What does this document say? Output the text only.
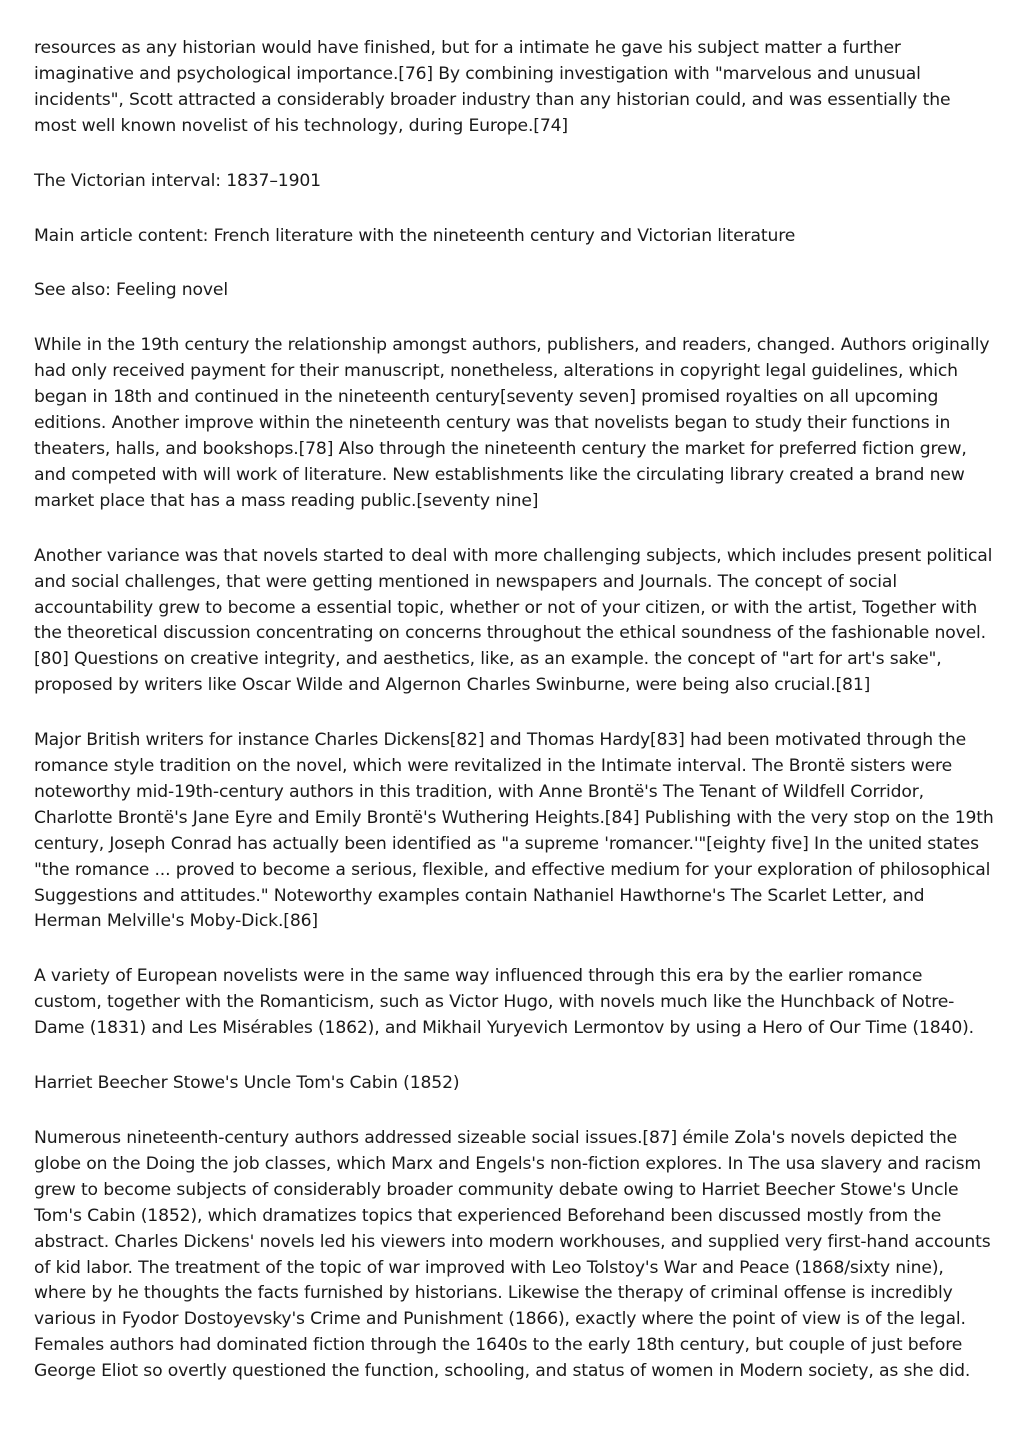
resources as any historian would have finished, but for a intimate he gave his subject matter a further imaginative and psychological importance.[76] By combining investigation with "marvelous and unusual incidents", Scott attracted a considerably broader industry than any historian could, and was essentially the most well known novelist of his technology, during Europe.[74]

The Victorian interval: 1837–1901

Main article content: French literature with the nineteenth century and Victorian literature

See also: Feeling novel

While in the 19th century the relationship amongst authors, publishers, and readers, changed. Authors originally had only received payment for their manuscript, nonetheless, alterations in copyright legal guidelines, which began in 18th and continued in the nineteenth century[seventy seven] promised royalties on all upcoming editions. Another improve within the nineteenth century was that novelists began to study their functions in theaters, halls, and bookshops.[78] Also through the nineteenth century the market for preferred fiction grew, and competed with will work of literature. New establishments like the circulating library created a brand new market place that has a mass reading public.[seventy nine]

Another variance was that novels started to deal with more challenging subjects, which includes present political and social challenges, that were getting mentioned in newspapers and Journals. The concept of social accountability grew to become a essential topic, whether or not of your citizen, or with the artist, Together with the theoretical discussion concentrating on concerns throughout the ethical soundness of the fashionable novel.[80] Questions on creative integrity, and aesthetics, like, as an example. the concept of "art for art's sake", proposed by writers like Oscar Wilde and Algernon Charles Swinburne, were being also crucial.[81]

Major British writers for instance Charles Dickens[82] and Thomas Hardy[83] had been motivated through the romance style tradition on the novel, which were revitalized in the Intimate interval. The Brontë sisters were noteworthy mid-19th-century authors in this tradition, with Anne Brontë's The Tenant of Wildfell Corridor, Charlotte Brontë's Jane Eyre and Emily Brontë's Wuthering Heights.[84] Publishing with the very stop on the 19th century, Joseph Conrad has actually been identified as "a supreme 'romancer.'"[eighty five] In the united states "the romance ... proved to become a serious, flexible, and effective medium for your exploration of philosophical Suggestions and attitudes." Noteworthy examples contain Nathaniel Hawthorne's The Scarlet Letter, and Herman Melville's Moby-Dick.[86]

A variety of European novelists were in the same way influenced through this era by the earlier romance custom, together with the Romanticism, such as Victor Hugo, with novels much like the Hunchback of Notre-Dame (1831) and Les Misérables (1862), and Mikhail Yuryevich Lermontov by using a Hero of Our Time (1840).

Harriet Beecher Stowe's Uncle Tom's Cabin (1852)

Numerous nineteenth-century authors addressed sizeable social issues.[87] émile Zola's novels depicted the globe on the Doing the job classes, which Marx and Engels's non-fiction explores. In The usa slavery and racism grew to become subjects of considerably broader community debate owing to Harriet Beecher Stowe's Uncle Tom's Cabin (1852), which dramatizes topics that experienced Beforehand been discussed mostly from the abstract. Charles Dickens' novels led his viewers into modern workhouses, and supplied very first-hand accounts of kid labor. The treatment of the topic of war improved with Leo Tolstoy's War and Peace (1868/sixty nine), where by he thoughts the facts furnished by historians. Likewise the therapy of criminal offense is incredibly various in Fyodor Dostoyevsky's Crime and Punishment (1866), exactly where the point of view is of the legal. Females authors had dominated fiction through the 1640s to the early 18th century, but couple of just before George Eliot so overtly questioned the function, schooling, and status of women in Modern society, as she did.
